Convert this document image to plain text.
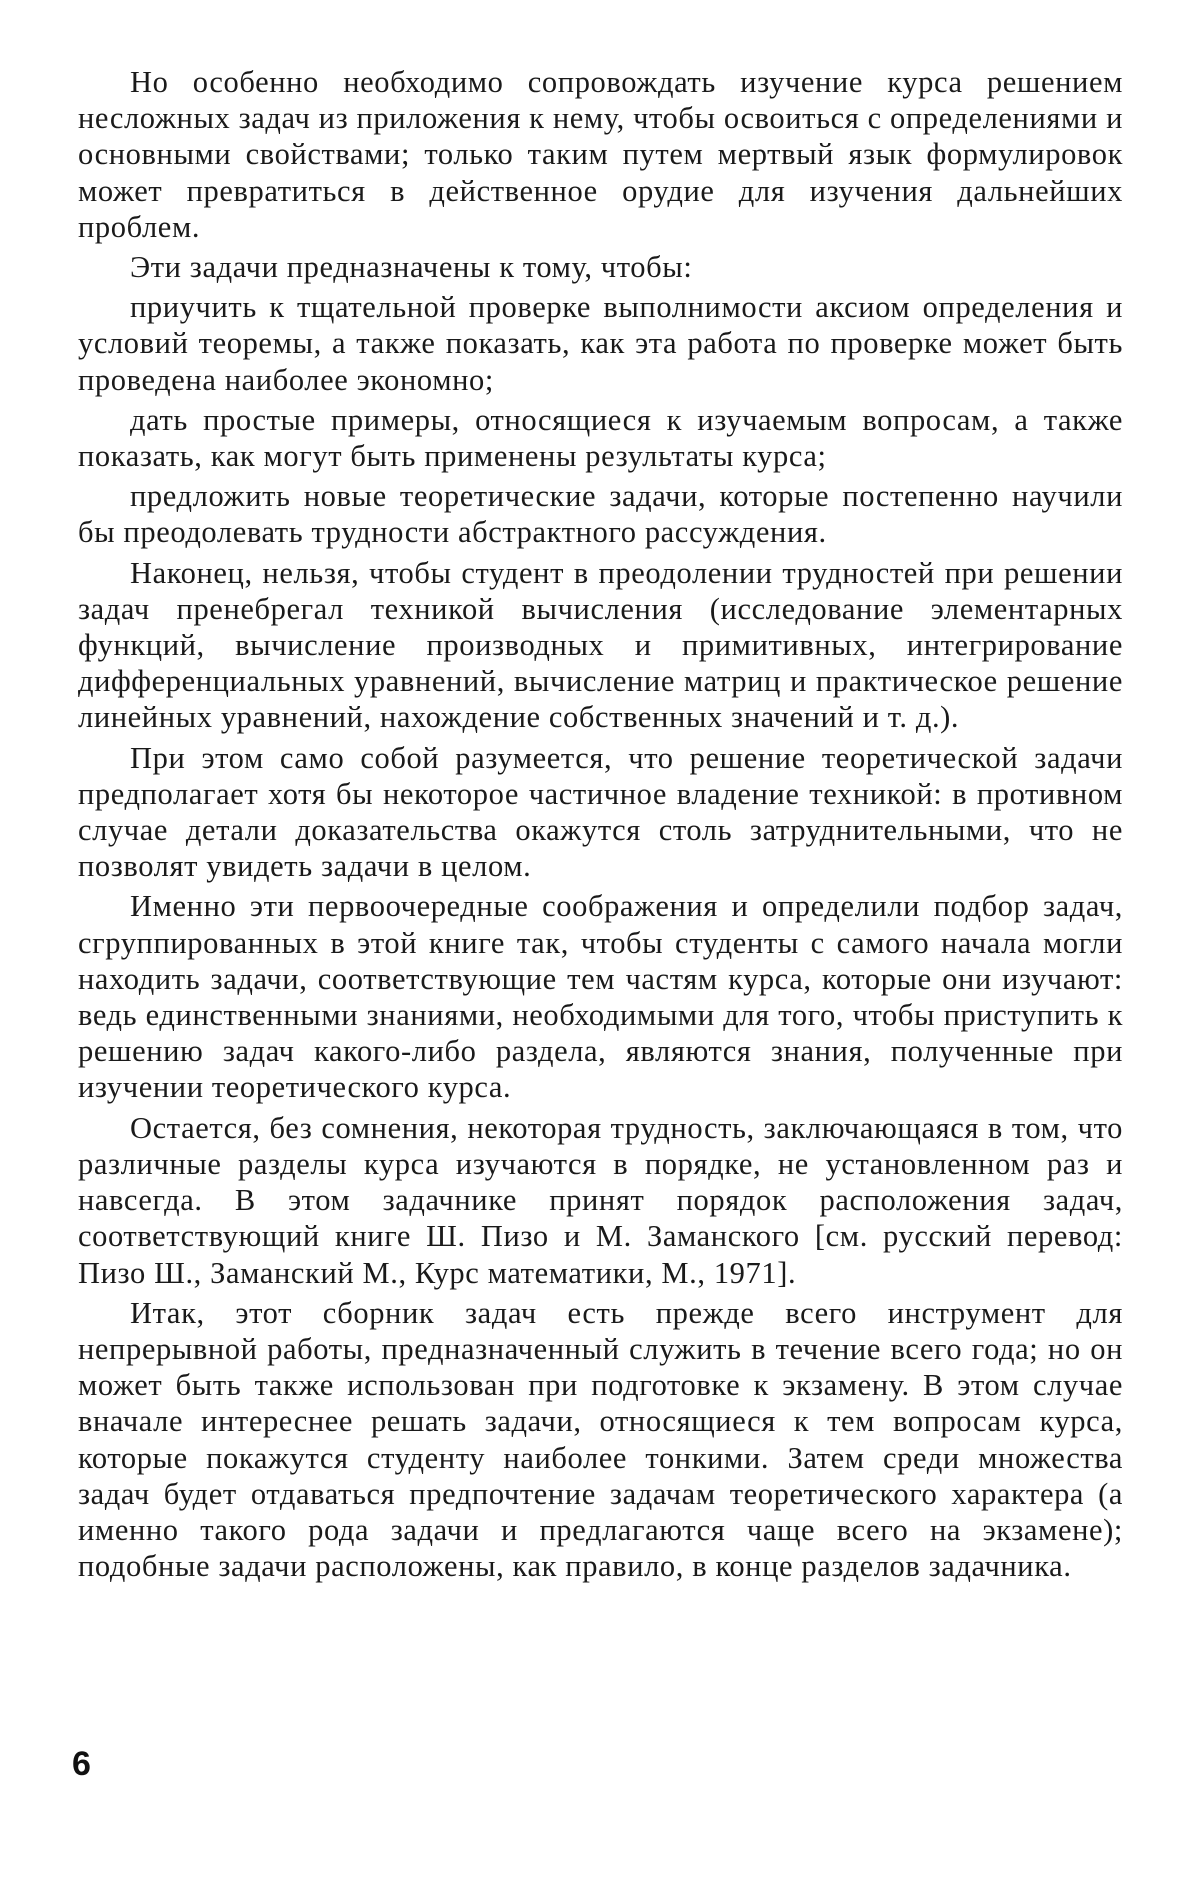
Но особенно необходимо сопровождать изучение курса решением несложных задач из приложения к нему, чтобы освоиться с определениями и основными свойствами; только таким путем мертвый язык формулировок может превратиться в действенное орудие для изучения дальнейших проблем.

Эти задачи предназначены к тому, чтобы:

приучить к тщательной проверке выполнимости аксиом определения и условий теоремы, а также показать, как эта работа по проверке может быть проведена наиболее экономно;

дать простые примеры, относящиеся к изучаемым вопросам, а также показать, как могут быть применены результаты курса;

предложить новые теоретические задачи, которые постепенно научили бы преодолевать трудности абстрактного рассуждения.

Наконец, нельзя, чтобы студент в преодолении трудностей при решении задач пренебрегал техникой вычисления (исследование элементарных функций, вычисление производных и примитивных, интегрирование дифференциальных уравнений, вычисление матриц и практическое решение линейных уравнений, нахождение собственных значений и т. д.).

При этом само собой разумеется, что решение теоретической задачи предполагает хотя бы некоторое частичное владение техникой: в противном случае детали доказательства окажутся столь затруднительными, что не позволят увидеть задачи в целом.

Именно эти первоочередные соображения и определили подбор задач, сгруппированных в этой книге так, чтобы студенты с самого начала могли находить задачи, соответствующие тем частям курса, которые они изучают: ведь единственными знаниями, необходимыми для того, чтобы приступить к решению задач какого-либо раздела, являются знания, полученные при изучении теоретического курса.

Остается, без сомнения, некоторая трудность, заключающаяся в том, что различные разделы курса изучаются в порядке, не установленном раз и навсегда. В этом задачнике принят порядок расположения задач, соответствующий книге Ш. Пизо и М. Заманского [см. русский перевод: Пизо Ш., Заманский М., Курс математики, М., 1971].

Итак, этот сборник задач есть прежде всего инструмент для непрерывной работы, предназначенный служить в течение всего года; но он может быть также использован при подготовке к экзамену. В этом случае вначале интереснее решать задачи, относящиеся к тем вопросам курса, которые покажутся студенту наиболее тонкими. Затем среди множества задач будет отдаваться предпочтение задачам теоретического характера (а именно такого рода задачи и предлагаются чаще всего на экзамене); подобные задачи расположены, как правило, в конце разделов задачника.

6
